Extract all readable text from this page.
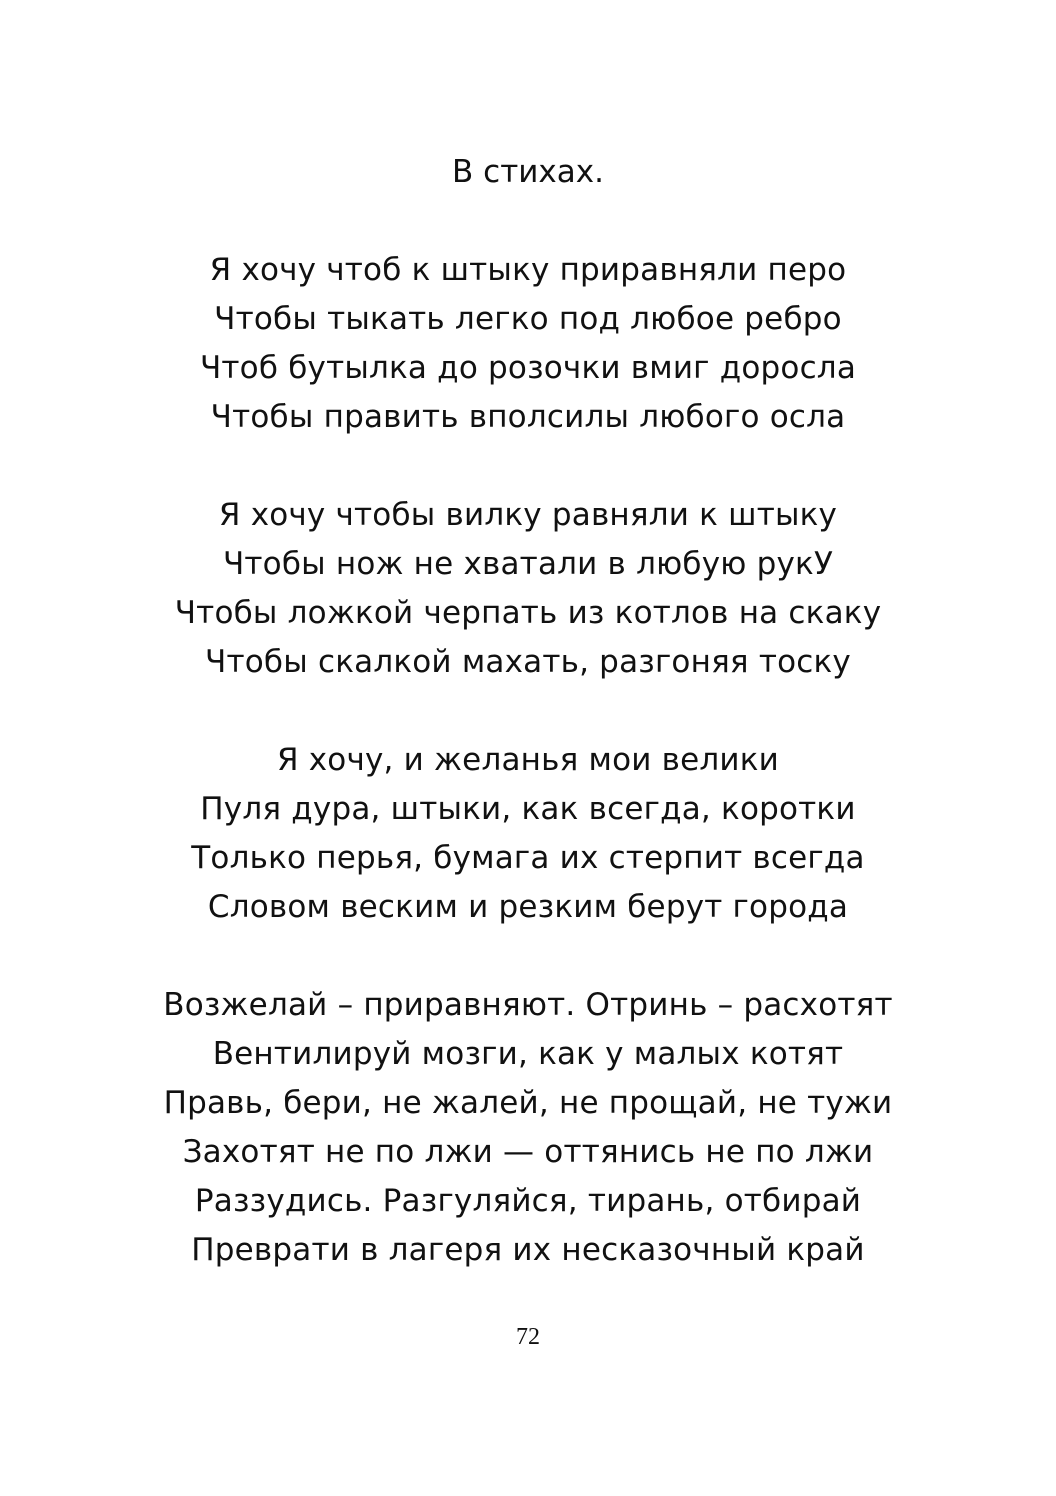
В стихах.
Я хочу чтоб к штыку приравняли перо
Чтобы тыкать легко под любое ребро
Чтоб бутылка до розочки вмиг доросла
Чтобы править вполсилы любого осла
Я хочу чтобы вилку равняли к штыку
Чтобы нож не хватали в любую рукУ
Чтобы ложкой черпать из котлов на скаку
Чтобы скалкой махать, разгоняя тоску
Я хочу, и желанья мои велики
Пуля дура, штыки, как всегда, коротки
Только перья, бумага их стерпит всегда
Словом веским и резким берут города
Возжелай – приравняют. Отринь – расхотят
Вентилируй мозги, как у малых котят
Правь, бери, не жалей, не прощай, не тужи
Захотят не по лжи — оттянись не по лжи
Раззудись. Разгуляйся, тирань, отбирай
Преврати в лагеря их несказочный край
72
